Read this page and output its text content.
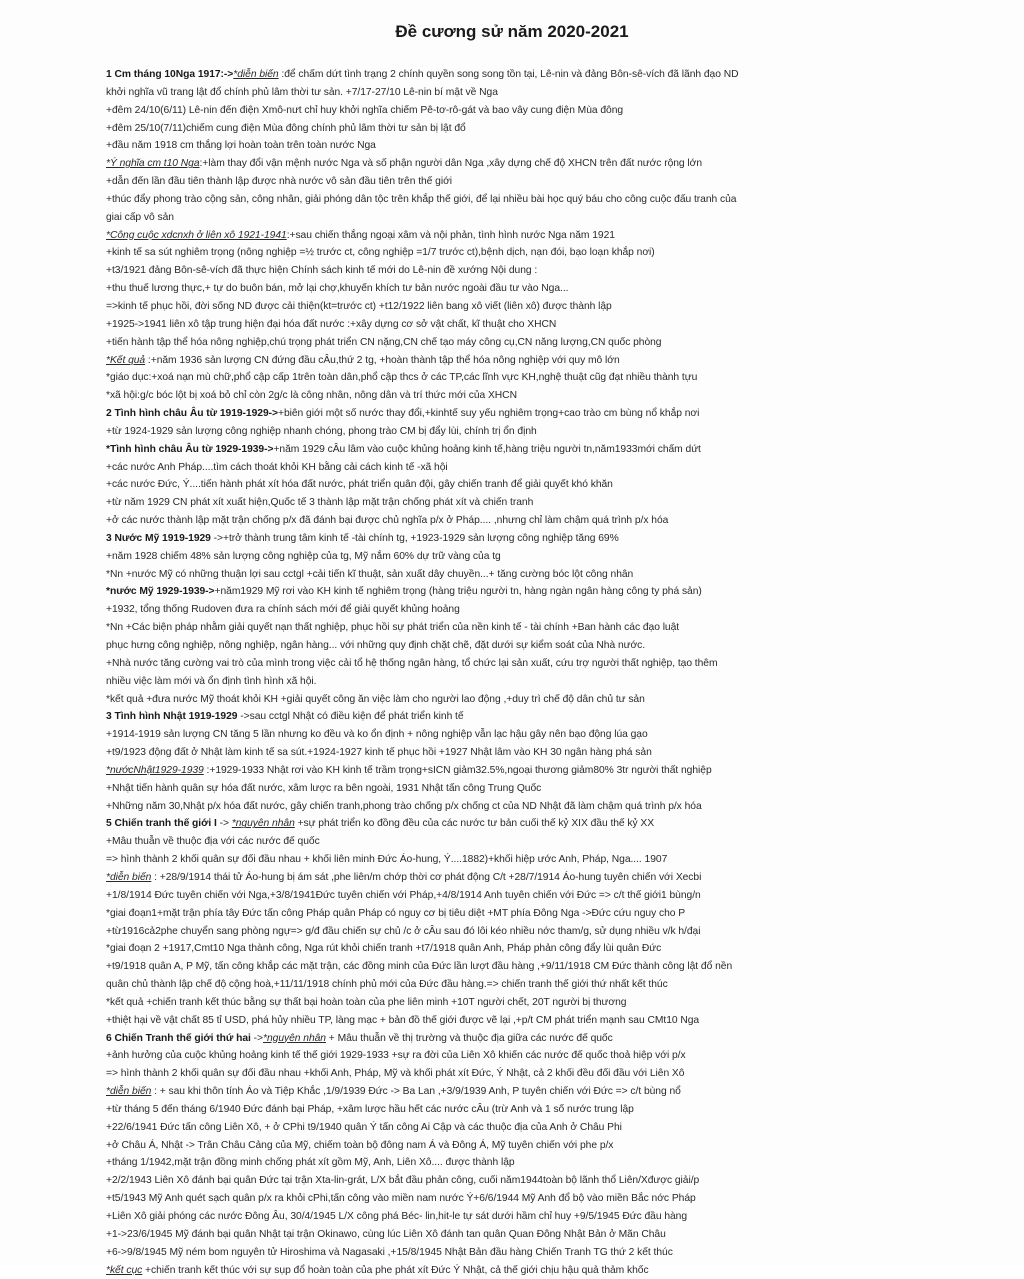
Đề cương sử năm 2020-2021
1 Cm tháng 10Nga 1917:->*diễn biến :để chấm dứt tình trạng 2 chính quyền song song tồn tại, Lê-nin và đảng Bôn-sê-vích đã lãnh đạo ND
khởi nghĩa vũ trang lật đổ chính phủ lâm thời tư sản. +7/17-27/10 Lê-nin bí mật về Nga
+đêm 24/10(6/11) Lê-nin đến điện Xmô-nưt chỉ huy khởi nghĩa chiếm Pê-tơ-rô-gát và bao vây cung điện Mùa đông
+đêm 25/10(7/11)chiếm cung điện Mùa đông chính phủ lâm thời tư sản bị lật đổ
+đầu năm 1918 cm thắng lợi hoàn toàn trên toàn nước Nga
*Ý nghĩa cm t10 Nga:+làm thay đổi vận mệnh nước Nga và số phận người dân Nga ,xây dựng chế độ XHCN trên đất nước rộng lớn
+dẫn đến lần đầu tiên thành lập được nhà nước vô sản đầu tiên trên thế giới
+thúc đẩy phong trào cộng sản, công nhân, giải phóng dân tộc trên khắp thế giới, để lại nhiều bài học quý báu cho công cuộc đấu tranh của
giai cấp vô sản
*Công cuộc xdcnxh ở liên xô 1921-1941:+sau chiến thắng ngoại xâm và nội phản, tình hình nước Nga năm 1921
+kinh tế sa sút nghiêm trọng (nông nghiệp =½ trước ct, công nghiệp =1/7 trước ct),bệnh dịch, nạn đói, bạo loạn khắp nơi)
+t3/1921 đảng Bôn-sê-vích đã thực hiện Chính sách kinh tế mới do Lê-nin đề xướng Nội dung :
+thu thuế lương thực,+ tự do buôn bán, mở lại chợ,khuyến khích tư bản nước ngoài đầu tư vào Nga...
=>kinh tế phục hồi, đời sống ND được cải thiện(kt=trước ct) +t12/1922 liên bang xô viết (liên xô) được thành lập
+1925->1941 liên xô tập trung hiện đại hóa đất nước :+xây dựng cơ sở vật chất, kĩ thuật cho XHCN
+tiến hành tập thể hóa nông nghiệp,chú trọng phát triển CN nặng,CN chế tạo máy công cụ,CN năng lượng,CN quốc phòng
*Kết quả :+năm 1936 sản lượng CN đứng đầu cÂu,thứ 2 tg, +hoàn thành tập thể hóa nông nghiệp với quy mô lớn
*giáo dục:+xoá nạn mù chữ,phổ cập cấp 1trên toàn dân,phổ cập thcs ở các TP,các lĩnh vực KH,nghệ thuật cũg đạt nhiều thành tựu
*xã hội:g/c bóc lột bị xoá bỏ chỉ còn 2g/c là công nhân, nông dân và trí thức mới của XHCN
2 Tình hình châu Âu từ 1919-1929->+biên giới một số nước thay đổi,+kinhtế suy yếu nghiêm trọng+cao trào cm bùng nổ khắp nơi
+từ 1924-1929 sản lượng công nghiệp nhanh chóng, phong trào CM bị đẩy lùi, chính trị ổn định
*Tình hình châu Âu từ 1929-1939->+năm 1929 cÂu lâm vào cuộc khủng hoảng kinh tế,hàng triệu người tn,năm1933mới chấm dứt
+các nước Anh Pháp....tìm cách thoát khỏi KH bằng cải cách kinh tế -xã hội
+các nước Đức, Ý....tiến hành phát xít hóa đất nước, phát triển quân đội, gây chiến tranh để giải quyết khó khăn
+từ năm 1929 CN phát xít xuất hiện,Quốc tế 3 thành lập mặt trận chống phát xít và chiến tranh
+ở các nước thành lập mặt trận chống p/x đã đánh bại được chủ nghĩa p/x ở Pháp.... ,nhưng chỉ làm chậm quá trình p/x hóa
3 Nước Mỹ 1919-1929 ->+trở thành trung tâm kinh tế -tài chính tg, +1923-1929 sản lượng công nghiệp tăng 69%
+năm 1928 chiếm 48% sản lượng công nghiệp của tg, Mỹ nắm 60% dự trữ vàng của tg
*Nn +nước Mỹ có những thuận lợi sau cctgl +cải tiến kĩ thuật, sản xuất dây chuyền...+ tăng cường bóc lột công nhân
*nước Mỹ 1929-1939->+năm1929 Mỹ rơi vào KH kinh tế nghiêm trọng (hàng triệu người tn, hàng ngàn ngân hàng công ty phá sản)
+1932, tổng thống Rudoven đưa ra chính sách mới để giải quyết khủng hoảng
*Nn +Các biện pháp nhằm giải quyết nạn thất nghiệp, phục hồi sự phát triển của nền kinh tế - tài chính +Ban hành các đạo luật
phục hưng công nghiệp, nông nghiệp, ngân hàng... với những quy định chặt chẽ, đặt dưới sự kiểm soát của Nhà nước.
+Nhà nước tăng cường vai trò của mình trong việc cải tổ hệ thống ngân hàng, tổ chức lại sản xuất, cứu trợ người thất nghiệp, tạo thêm
nhiều việc làm mới và ổn định tình hình xã hội.
*kết quả +đưa nước Mỹ thoát khỏi KH +giải quyết công ăn việc làm cho người lao động ,+duy trì chế độ dân chủ tư sản
3 Tình hình Nhật 1919-1929 ->sau cctgl Nhật có điều kiện để phát triển kinh tế
+1914-1919 sản lượng CN tăng 5 lần nhưng ko đều và ko ổn định + nông nghiệp vẫn lạc hậu gây nên bạo động lúa gạo
+t9/1923 động đất ở Nhật làm kinh tế sa sút.+1924-1927 kinh tế phục hồi +1927 Nhật lâm vào KH 30 ngân hàng phá sản
*nướcNhật1929-1939 :+1929-1933 Nhật rơi vào KH kinh tế trầm trọng+sICN giảm32.5%,ngoại thương giảm80% 3tr người thất nghiệp
+Nhật tiến hành quân sự hóa đất nước, xâm lược ra bên ngoài, 1931 Nhật tấn công Trung Quốc
+Những năm 30,Nhật p/x hóa đất nước, gây chiến tranh,phong trào chống p/x chống ct của ND Nhật đã làm chậm quá trình p/x hóa
5 Chiến tranh thế giới I -> *nguyên nhân +sự phát triển ko đồng đều của các nước tư bản cuối thế kỷ XIX đầu thế kỷ XX
+Mâu thuẫn về thuộc địa với các nước đế quốc
=> hình thành 2 khối quân sự đối đầu nhau + khối liên minh Đức Áo-hung, Ý....1882)+khối hiệp ước Anh, Pháp, Nga.... 1907
*diễn biến : +28/9/1914 thái tử Áo-hung bị ám sát ,phe liên/m chớp thời cơ phát động C/t +28/7/1914 Áo-hung tuyên chiến với Xecbi
+1/8/1914 Đức tuyên chiến với Nga,+3/8/1941Đức tuyên chiến với Pháp,+4/8/1914 Anh tuyên chiến với Đức => c/t thế giới1 bùng/n
*giai đoạn1+mặt trận phía tây Đức tấn công Pháp quân Pháp có nguy cơ bị tiêu diệt +MT phía Đông Nga ->Đức cứu nguy cho P
+từ1916cả2phe chuyển sang phòng ngự=> g/đ đầu chiến sự chủ /c ở cÂu sau đó lôi kéo nhiều nớc tham/g, sử dụng nhiều v/k h/đại
*giai đoạn 2 +1917,Cmt10 Nga thành công, Nga rút khỏi chiến tranh +t7/1918 quân Anh, Pháp phản công đẩy lùi quân Đức
+t9/1918 quân A, P Mỹ, tấn công khắp các mặt trận, các đồng minh của Đức lần lượt đầu hàng ,+9/11/1918 CM Đức thành công lật đổ nền
quân chủ thành lập chế độ cộng hoà,+11/11/1918 chính phủ mới của Đức đầu hàng.=> chiến tranh thế giới thứ nhất kết thúc
*kết quả +chiến tranh kết thúc bằng sự thất bại hoàn toàn của phe liên minh +10T người chết, 20T người bị thương
+thiệt hại về vật chất 85 tỉ USD, phá hủy nhiều TP, làng mạc + bản đồ thế giới được vẽ lại ,+p/t CM phát triển mạnh sau CMt10 Nga
6 Chiến Tranh thế giới thứ hai ->*nguyên nhân + Mâu thuẫn về thị trường và thuộc địa giữa các nước đế quốc
+ảnh hưởng của cuộc khủng hoảng kinh tế thế giới 1929-1933 +sự ra đời của Liên Xô khiến các nước đế quốc thoả hiệp với p/x
=> hình thành 2 khối quân sự đối đầu nhau +khối Anh, Pháp, Mỹ và khối phát xít Đức, Ý Nhật, cả 2 khối đều đối đầu với Liên Xô
*diễn biến : + sau khi thôn tính Áo và Tiệp Khắc ,1/9/1939 Đức -> Ba Lan ,+3/9/1939 Anh, P tuyên chiến với Đức => c/t bùng nổ
+từ tháng 5 đến tháng 6/1940 Đức đánh bại Pháp, +xâm lược hầu hết các nước cÂu (trừ Anh và 1 số nước trung lập
+22/6/1941 Đức tấn công Liên Xô, + ở CPhi t9/1940 quân Ý tấn công Ai Cập và các thuộc địa của Anh ở Châu Phi
+ở Châu Á, Nhật -> Trân Châu Cảng của Mỹ, chiếm toàn bộ đông nam Á và Đông Á, Mỹ tuyên chiến với phe p/x
+tháng 1/1942,mặt trận đồng minh chống phát xít gồm Mỹ, Anh, Liên Xô.... được thành lập
+2/2/1943 Liên Xô đánh bại quân Đức tại trận Xta-lin-grát, L/X bắt đầu phản công, cuối năm1944toàn bộ lãnh thổ Liên/Xđược giải/p
+t5/1943 Mỹ Anh quét sạch quân p/x ra khỏi cPhi,tấn công vào miền nam nước Ý+6/6/1944 Mỹ Anh đổ bộ vào miền Bắc nớc Pháp
+Liên Xô giải phóng các nước Đông Âu, 30/4/1945 L/X công phá Béc- lin,hit-le tự sát dưới hầm chỉ huy +9/5/1945 Đức đầu hàng
+1->23/6/1945 Mỹ đánh bại quân Nhật tại trận Okinawo, cùng lúc Liên Xô đánh tan quân Quan Đông Nhật Bản ở Mãn Châu
+6->9/8/1945 Mỹ ném bom nguyên tử Hiroshima và Nagasaki ,+15/8/1945 Nhật Bản đầu hàng Chiến Tranh TG thứ 2 kết thúc
*kết cục +chiến tranh kết thúc với sự sụp đổ hoàn toàn của phe phát xít Đức Ý Nhật, cả thế giới chịu hậu quả thảm khốc
